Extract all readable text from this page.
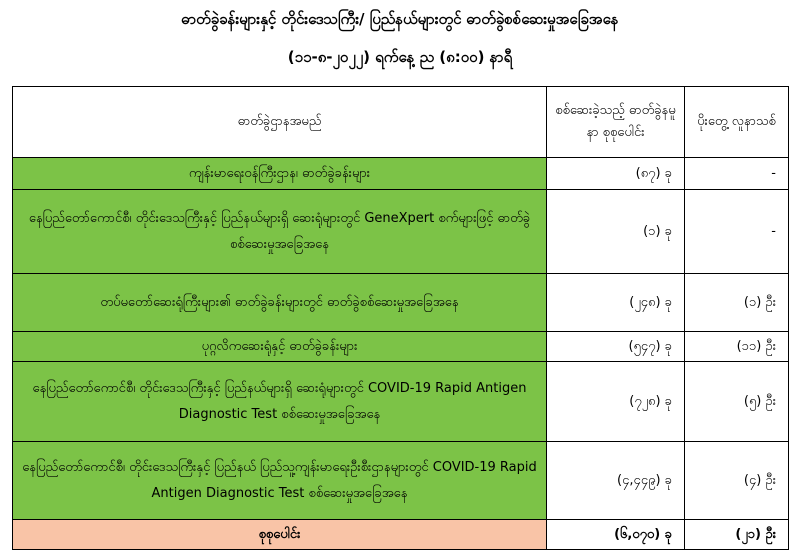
ဓာတ်ခွဲခန်းများနှင့် တိုင်းဒေသကြီး/ ပြည်နယ်များတွင် ဓာတ်ခွဲစစ်ဆေးမှုအခြေအနေ
(၁၁-၈-၂၀၂၂) ရက်နေ့ ည (၈:၀၀) နာရီ
ဓာတ်ခွဲဌာနအမည်	စစ်ဆေးခဲ့သည့် ဓာတ်ခွဲနမူနာ စုစုပေါင်း	ပိုးတွေ့ လူနာသစ်
ကျန်းမာရေးဝန်ကြီးဌာန၊ ဓာတ်ခွဲခန်းများ	(၈၇) ခု	-
နေပြည်တော်ကောင်စီ၊ တိုင်းဒေသကြီးနှင့် ပြည်နယ်များရှိ ဆေးရုံများတွင် GeneXpert စက်များဖြင့် ဓာတ်ခွဲစစ်ဆေးမှုအခြေအနေ	(၁) ခု	-
တပ်မတော်ဆေးရုံကြီးများ၏ ဓာတ်ခွဲခန်းများတွင် ဓာတ်ခွဲစစ်ဆေးမှုအခြေအနေ	(၂၄၈) ခု	(၁) ဦး
ပုဂ္ဂလိကဆေးရုံနှင့် ဓာတ်ခွဲခန်းများ	(၅၄၇) ခု	(၁၁) ဦး
နေပြည်တော်ကောင်စီ၊ တိုင်းဒေသကြီးနှင့် ပြည်နယ်များရှိ ဆေးရုံများတွင် COVID-19 Rapid Antigen Diagnostic Test စစ်ဆေးမှုအခြေအနေ	(၇၂၈) ခု	(၅) ဦး
နေပြည်တော်ကောင်စီ၊ တိုင်းဒေသကြီးနှင့် ပြည်နယ် ပြည်သူ့ကျန်းမာရေးဦးစီးဌာနများတွင် COVID-19 Rapid Antigen Diagnostic Test စစ်ဆေးမှုအခြေအနေ	(၄,၄၄၉) ခု	(၄) ဦး
စုစုပေါင်း	(၆,၀၇၀) ခု	(၂၁) ဦး
